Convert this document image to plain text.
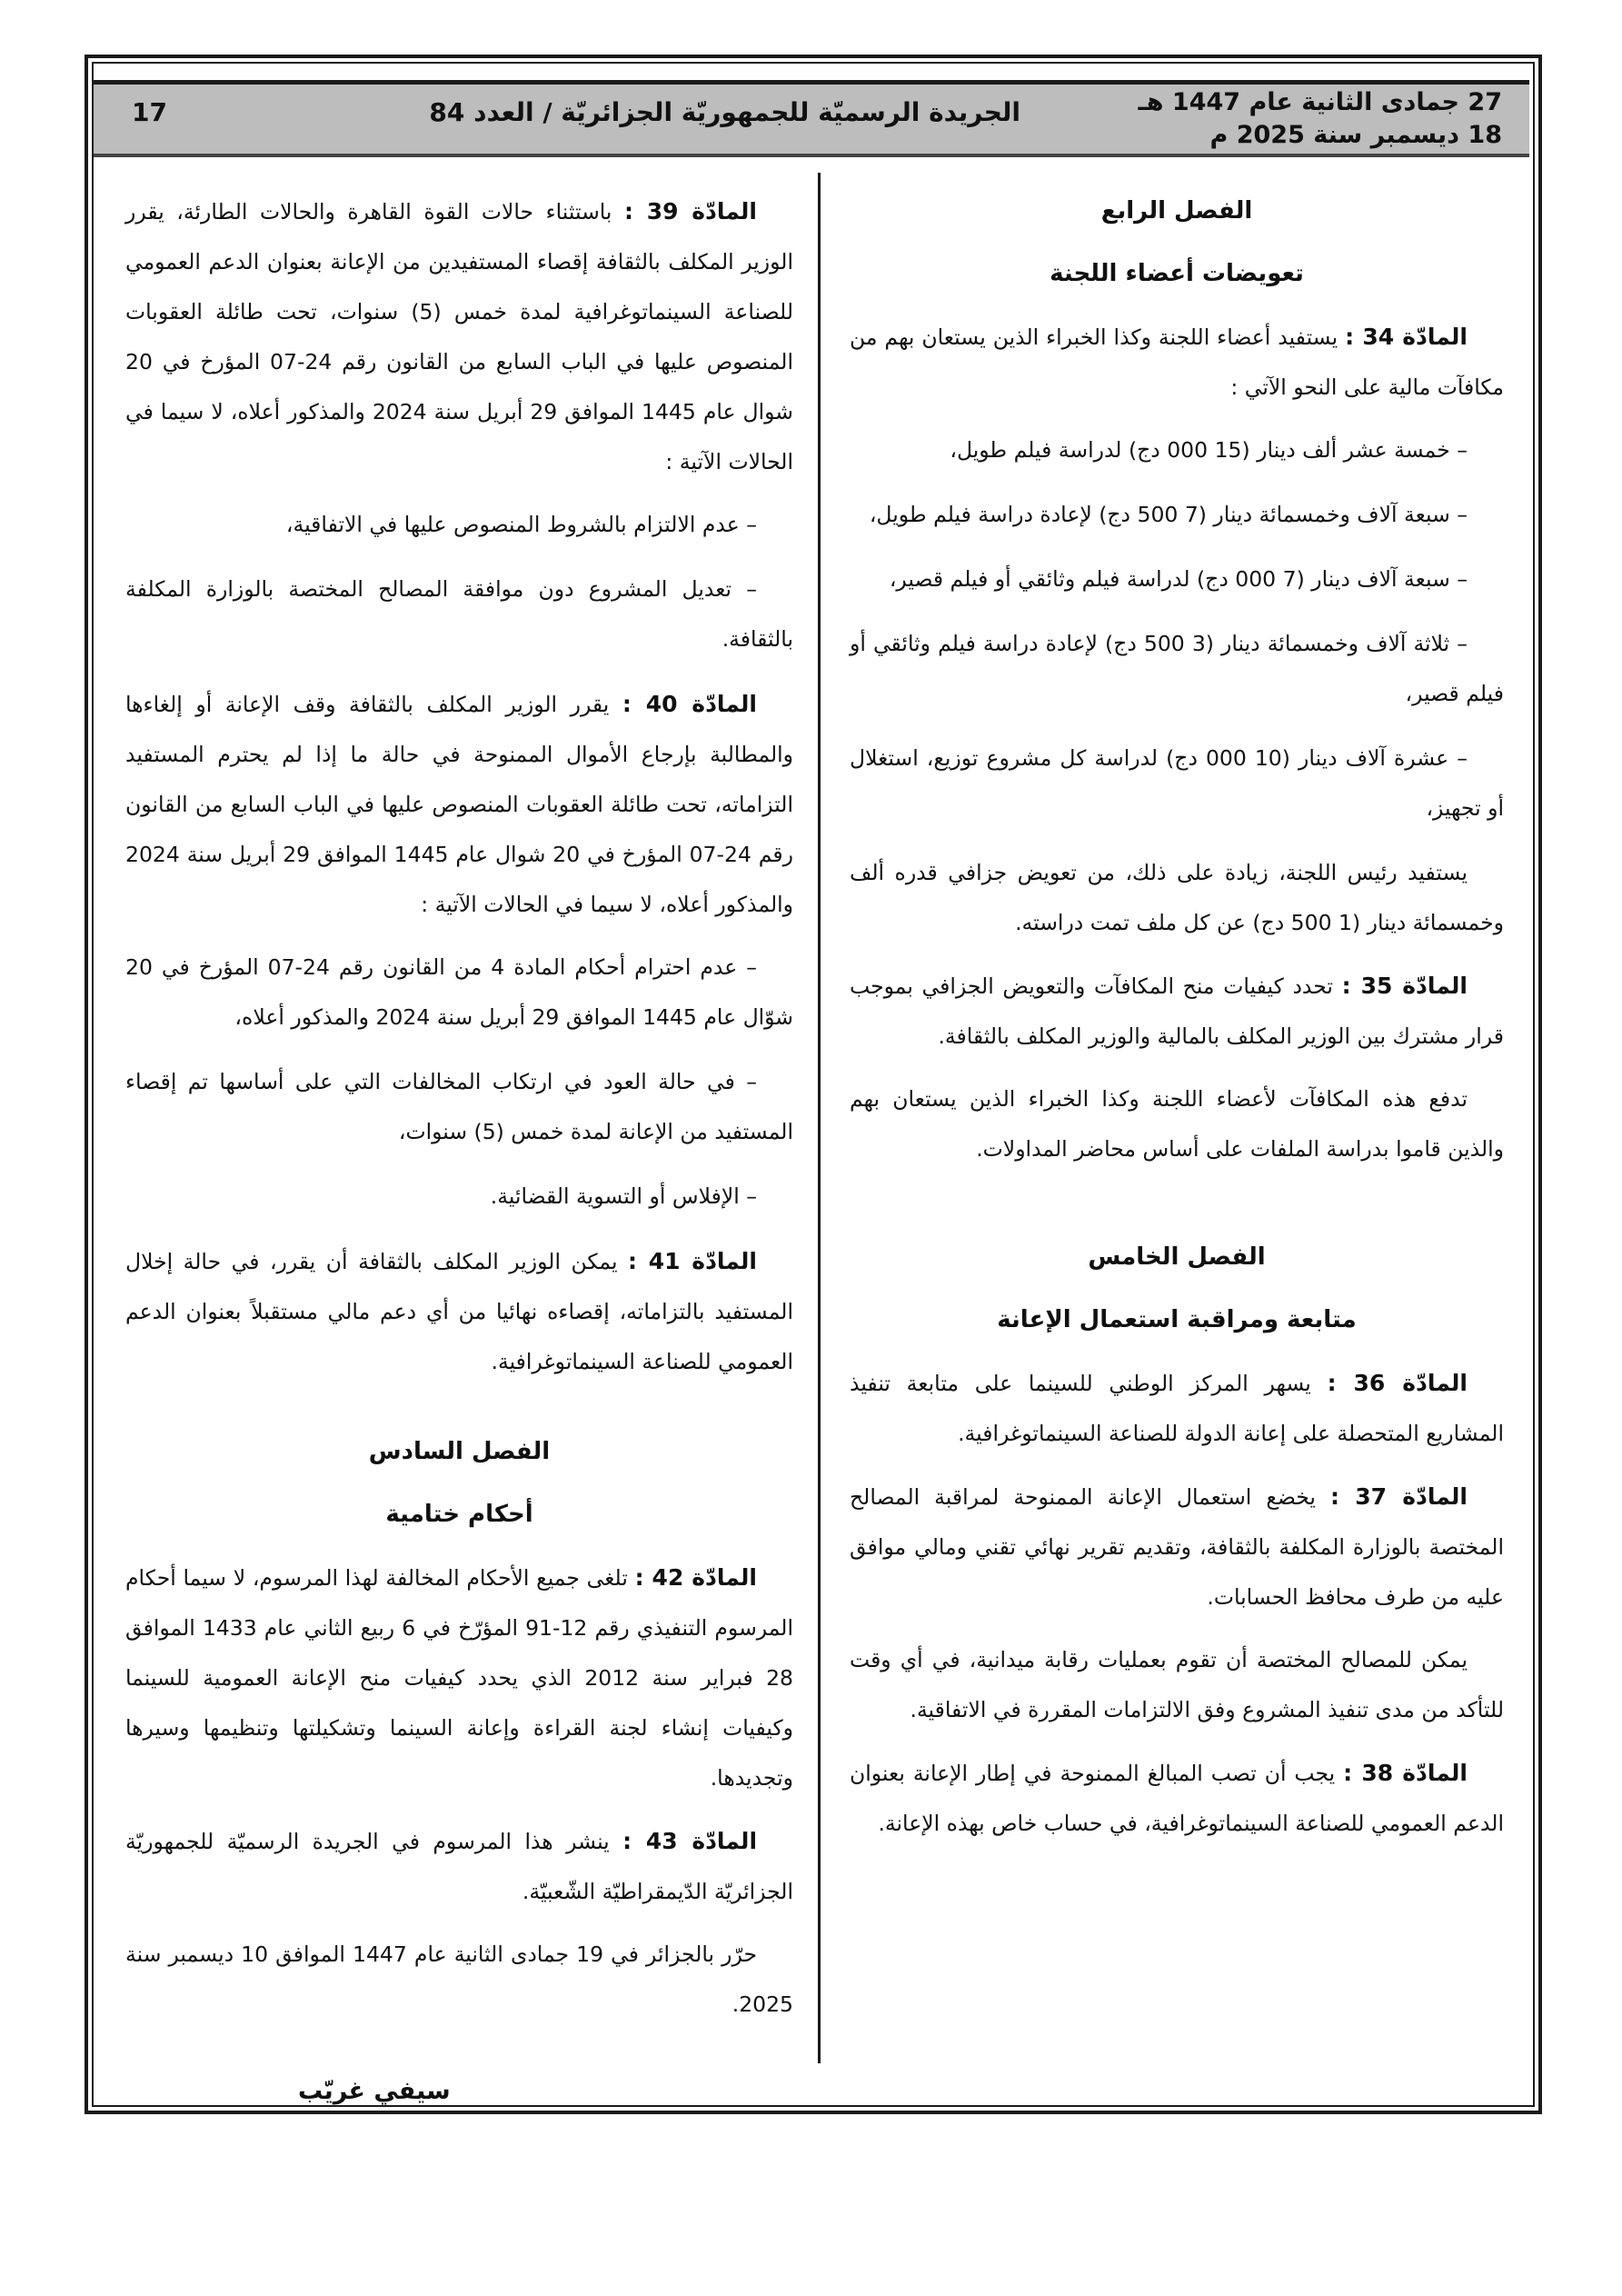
27 جمادى الثانية عام 1447 هـ
18 ديسمبر سنة 2025 م
الجريدة الرسميّة للجمهوريّة الجزائريّة / العدد 84
17
الفصل الرابع
تعويضات أعضاء اللجنة
المادّة 34 : يستفيد أعضاء اللجنة وكذا الخبراء الذين يستعان بهم من مكافآت مالية على النحو الآتي :
– خمسة عشر ألف دينار (15 000 دج) لدراسة فيلم طويل،
– سبعة آلاف وخمسمائة دينار (7 500 دج) لإعادة دراسة فيلم طويل،
– سبعة آلاف دينار (7 000 دج) لدراسة فيلم وثائقي أو فيلم قصير،
– ثلاثة آلاف وخمسمائة دينار (3 500 دج) لإعادة دراسة فيلم وثائقي أو فيلم قصير،
– عشرة آلاف دينار (10 000 دج) لدراسة كل مشروع توزيع، استغلال أو تجهيز،
يستفيد رئيس اللجنة، زيادة على ذلك، من تعويض جزافي قدره ألف وخمسمائة دينار (1 500 دج) عن كل ملف تمت دراسته.
المادّة 35 : تحدد كيفيات منح المكافآت والتعويض الجزافي بموجب قرار مشترك بين الوزير المكلف بالمالية والوزير المكلف بالثقافة.
تدفع هذه المكافآت لأعضاء اللجنة وكذا الخبراء الذين يستعان بهم والذين قاموا بدراسة الملفات على أساس محاضر المداولات.
الفصل الخامس
متابعة ومراقبة استعمال الإعانة
المادّة 36 : يسهر المركز الوطني للسينما على متابعة تنفيذ المشاريع المتحصلة على إعانة الدولة للصناعة السينماتوغرافية.
المادّة 37 : يخضع استعمال الإعانة الممنوحة لمراقبة المصالح المختصة بالوزارة المكلفة بالثقافة، وتقديم تقرير نهائي تقني ومالي موافق عليه من طرف محافظ الحسابات.
يمكن للمصالح المختصة أن تقوم بعمليات رقابة ميدانية، في أي وقت للتأكد من مدى تنفيذ المشروع وفق الالتزامات المقررة في الاتفاقية.
المادّة 38 : يجب أن تصب المبالغ الممنوحة في إطار الإعانة بعنوان الدعم العمومي للصناعة السينماتوغرافية، في حساب خاص بهذه الإعانة.
المادّة 39 : باستثناء حالات القوة القاهرة والحالات الطارئة، يقرر الوزير المكلف بالثقافة إقصاء المستفيدين من الإعانة بعنوان الدعم العمومي للصناعة السينماتوغرافية لمدة خمس (5) سنوات، تحت طائلة العقوبات المنصوص عليها في الباب السابع من القانون رقم 24-07 المؤرخ في 20 شوال عام 1445 الموافق 29 أبريل سنة 2024 والمذكور أعلاه، لا سيما في الحالات الآتية :
– عدم الالتزام بالشروط المنصوص عليها في الاتفاقية،
– تعديل المشروع دون موافقة المصالح المختصة بالوزارة المكلفة بالثقافة.
المادّة 40 : يقرر الوزير المكلف بالثقافة وقف الإعانة أو إلغاءها والمطالبة بإرجاع الأموال الممنوحة في حالة ما إذا لم يحترم المستفيد التزاماته، تحت طائلة العقوبات المنصوص عليها في الباب السابع من القانون رقم 24-07 المؤرخ في 20 شوال عام 1445 الموافق 29 أبريل سنة 2024 والمذكور أعلاه، لا سيما في الحالات الآتية :
– عدم احترام أحكام المادة 4 من القانون رقم 24-07 المؤرخ في 20 شوّال عام 1445 الموافق 29 أبريل سنة 2024 والمذكور أعلاه،
– في حالة العود في ارتكاب المخالفات التي على أساسها تم إقصاء المستفيد من الإعانة لمدة خمس (5) سنوات،
– الإفلاس أو التسوية القضائية.
المادّة 41 : يمكن الوزير المكلف بالثقافة أن يقرر، في حالة إخلال المستفيد بالتزاماته، إقصاءه نهائيا من أي دعم مالي مستقبلاً بعنوان الدعم العمومي للصناعة السينماتوغرافية.
الفصل السادس
أحكام ختامية
المادّة 42 : تلغى جميع الأحكام المخالفة لهذا المرسوم، لا سيما أحكام المرسوم التنفيذي رقم 12-91 المؤرّخ في 6 ربيع الثاني عام 1433 الموافق 28 فبراير سنة 2012 الذي يحدد كيفيات منح الإعانة العمومية للسينما وكيفيات إنشاء لجنة القراءة وإعانة السينما وتشكيلتها وتنظيمها وسيرها وتجديدها.
المادّة 43 : ينشر هذا المرسوم في الجريدة الرسميّة للجمهوريّة الجزائريّة الدّيمقراطيّة الشّعبيّة.
حرّر بالجزائر في 19 جمادى الثانية عام 1447 الموافق 10 ديسمبر سنة 2025.
سيفي غريّب
